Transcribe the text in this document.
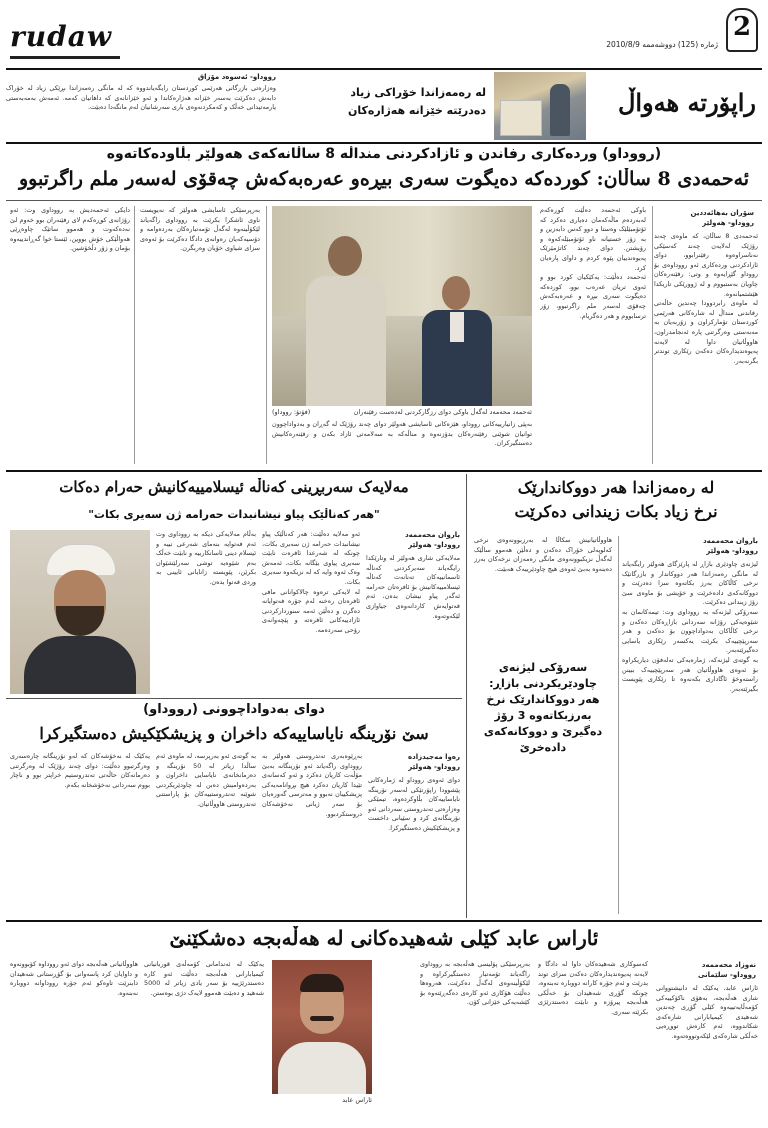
2
ژماره (125) دووشەممە 2010/8/9
rudaw
راپۆرتە هەواڵ
لە رەمەزاندا خۆراکی زیاد
دەدرێتە خێزانە هەژارەکان
رووداو- ئەسوەد مۆزاق
وەزارەتی بازرگانی هەرێمی کوردستان رایگەیاندووە کە لە مانگی رەمەزاندا بڕێکی زیاد لە خۆراک دابەش دەکرێت بەسەر خێزانە هەژارەکاندا و ئەو خێزانانەی کە داهاتیان کەمە. ئەمەش بەمەبەستی یارمەتیدانی خەڵک و کەمکردنەوەی باری سەرشانیان لەم مانگەدا دەبێت.
(رووداو) وردەکاری رفاندن و ئازادکردنی منداڵە 8 ساڵانەکەی هەولێر بڵاودەکاتەوە
ئەحمەدی 8 ساڵان: کوردەکە دەیگوت سەری بیڕەو عەرەبەکەش چەقۆی لەسەر ملم راگرتبوو
سۆران بەهائەددین
رووداو- هەولێر
ئەحمەدی 8 ساڵان، کە ماوەی چەند رۆژێک لەلایەن چەند کەسێکی نەناسراوەوە رفێنرابوو، دوای ئازادکردنی وردەکاری ئەو رووداوەی بۆ رووداو گێڕایەوە و وتی: رفێنەرەکان چاویان بەستبووم و لە ژوورێکی تاریکدا هێشتمیانەوە.
لە ماوەی رابردوودا چەندین حاڵەتی رفاندنی منداڵ لە شارەکانی هەرێمی کوردستان تۆمارکراون و زۆربەیان بە مەبەستی وەرگرتنی پارە ئەنجامدراون، هاووڵاتیان داوا لە لایەنە پەیوەندیدارەکان دەکەن رێکاری توندتر بگرنەبەر.
باوکی ئەحمەد دەڵێت کوڕەکەم لەبەردەم ماڵەکەمان دەیاری دەکرد کە ئۆتۆمبێلێک وەستا و دوو کەس دابەزین و بە زۆر خستیانە ناو ئۆتۆمبێلەکەوە و رۆیشتن. دوای چەند کاتژمێرێک پەیوەندییان پێوە کردم و داوای پارەیان کرد.
ئەحمەد دەڵێت: یەکێکیان کورد بوو و ئەوی تریان عەرەب بوو، کوردەکە دەیگوت سەری بیڕە و عەرەبەکەش چەقۆی لەسەر ملم راگرتبوو، زۆر ترسابووم و هەر دەگریام.
(فۆتۆ: رووداو)	ئەحمەد محەمەد لەگەڵ باوکی دوای رزگارکردنی لەدەست رفێنەران
بەپێی زانیارییەکانی رووداو، هێزەکانی ئاسایشی هەولێر دوای چەند رۆژێک لە گەڕان و بەدواداچوون توانیان شوێنی رفێنەرەکان بدۆزنەوە و مناڵەکە بە سەلامەتی ئازاد بکەن و رفێنەرەکانیش دەستگیرکران.
بەرپرسێکی ئاسایشی هەولێر کە نەیویست ناوی ئاشکرا بکرێت بە رووداوی راگەیاند لێکۆڵینەوە لەگەڵ تۆمەتبارەکان بەردەوامە و دۆسیەکەیان رەوانەی دادگا دەکرێت بۆ ئەوەی سزای شیاوی خۆیان وەربگرن.
دایکی ئەحمەدیش بە رووداوی وت: ئەو رۆژانەی کوڕەکەم لای رفێنەران بوو خەوم لێ نەدەکەوت و هەموو ساتێک چاوەڕێی هەواڵێکی خۆش بووین، ئێستا خوا گەڕاندییەوە بۆمان و زۆر دڵخۆشین.
لە رەمەزاندا هەر دووکاندارێک
نرخ زیاد بکات زیندانی دەکرێت
باروان محەممەد
رووداو- هەولێر
لیژنەی چاودێری بازاڕ لە پارێزگای هەولێر رایگەیاند لە مانگی رەمەزاندا هەر دووکاندار و بازرگانێک نرخی کاڵاکان بەرز بکاتەوە سزا دەدرێت و دووکانەکەی دادەخرێت و خۆیشی بۆ ماوەی سێ رۆژ زیندانی دەکرێت.
سەرۆکی لیژنەکە بە رووداوی وت: تیمەکانمان بە شێوەیەکی رۆژانە سەردانی بازاڕەکان دەکەن و نرخی کاڵاکان بەدواداچوون بۆ دەکەن و هەر سەرپێچییەک بکرێت یەکسەر رێکاری یاسایی دەگیرێتەبەر.
بە گوتەی لیژنەکە، ژمارەیەکی تەلەفۆن دیاریکراوە بۆ ئەوەی هاووڵاتیان هەر سەرپێچییەک ببینن راستەوخۆ ئاگاداری بکەنەوە تا رێکاری پێویست بگیرێتەبەر.
هاووڵاتیانیش سکاڵا لە بەرزبوونەوەی نرخی کەلوپەلی خۆراک دەکەن و دەڵێن هەموو ساڵێک لەگەڵ نزیکبوونەوەی مانگی رەمەزان نرخەکان بەرز دەبنەوە بەبێ ئەوەی هیچ چاودێرییەک هەبێت.
سەرۆکی لیژنەی
چاودێریکردنی بازاڕ:
هەر دووکاندارێک نرخ
بەرزبکاتەوە 3 رۆژ
دەگیرێ و دووکانەکەی
دادەخرێ
مەلایەک سەربڕینی کەناڵە ئیسلامییەکانیش حەرام دەکات
"هەر کەناڵێک پیاو نیشانبدات حەرامە ژن سەیری بکات"
باروان محەممەد
رووداو- هەولێر
مەلایەکی شاری هەولێر لە وتارێکدا رایگەیاند سەیرکردنی کەناڵە ئاسمانییەکان تەنانەت کەناڵە ئیسلامییەکانیش بۆ ئافرەتان حەرامە ئەگەر پیاو نیشان بدەن، ئەم فەتوایەش کاردانەوەی جیاوازی لێکەوتەوە.
ئەو مەلایە دەڵێت: هەر کەناڵێک پیاو نیشانبدات حەرامە ژن سەیری بکات، چونکە لە شەرعدا ئافرەت نابێت سەیری پیاوی بێگانە بکات، ئەمەش وەک ئەوە وایە کە لە نزیکەوە سەیری بکات.
لە لایەکی ترەوە چالاکوانانی مافی ئافرەتان رەخنە لەم جۆرە فەتوایانە دەگرن و دەڵێن ئەمە سنوردارکردنی ئازادییەکانی ئافرەتە و پێچەوانەی رۆحی سەردەمە.
بەڵام مەلایەکی دیکە بە رووداوی وت ئەم فەتوایە بنەمای شەرعی نییە و ئیسلام دینی ئاسانکارییە و نابێت خەڵک بەم شێوەیە توشی سەرلێشێوان بکرێن، پێویستە زانایانی ئایینی بە وردی فەتوا بدەن.
دوای بەدواداچوونی (رووداو)
سێ نۆرینگە نایاساییەکە داخران و پزیشکێکیش دەستگیرکرا
رەوا مەجیدزادە
رووداو- هەولێر
دوای ئەوەی رووداو لە ژمارەکانی پێشوودا راپۆرتێکی لەسەر نۆرینگە نایاساییەکان بڵاوکردەوە، تیمێکی وەزارەتی تەندروستی سەردانی ئەو نۆرینگانەی کرد و سێیانی داخست و پزیشکێکیش دەستگیرکرا.
بەڕێوەبەری تەندروستی هەولێر بە رووداوی راگەیاند ئەو نۆرینگانە بەبێ مۆڵەت کاریان دەکرد و ئەو کەسانەی تێیدا کاریان دەکرد هیچ بڕوانامەیەکی پزیشکییان نەبوو و مەترسی گەورەیان بۆ سەر ژیانی نەخۆشەکان دروستکردبوو.
بە گوتەی ئەو بەرپرسە، لە ماوەی ئەم ساڵدا زیاتر لە 50 نۆرینگە و دەرمانخانەی نایاسایی داخراون و بەردەوامیش دەبن لە چاودێریکردنی شوێنە تەندروستییەکان بۆ پاراستنی تەندروستی هاووڵاتیان.
یەکێک لە نەخۆشەکان کە لەو نۆرینگانە چارەسەری وەرگرتبوو دەڵێت: دوای چەند رۆژێک لە وەرگرتنی دەرمانەکان حاڵەتی تەندروستیم خراپتر بوو و ناچار بووم سەردانی نەخۆشخانە بکەم.
ئاراس عابد کێلی شەهیدەکانی لە هەڵەبجە دەشکێنێ
نەوزاد محەممەد
رووداو- سلێمانی
ئاراس عابد، یەکێک لە دانیشتووانی شاری هەڵەبجە، بەهۆی ناکۆکییەکی کۆمەڵایەتییەوە کێلی گۆڕی چەندین شەهیدی کیمیابارانی شارەکەی شکاندووە، ئەم کارەش تووڕەیی خەڵکی شارەکەی لێکەوتووەتەوە.
کەسوکاری شەهیدەکان داوا لە دادگا و لایەنە پەیوەندیدارەکان دەکەن سزای توند بدرێت و ئەم جۆرە کارانە دووبارە نەبنەوە، چونکە گۆڕی شەهیدان بۆ خەڵکی هەڵەبجە پیرۆزە و نابێت دەستدرێژی بکرێتە سەری.
بەرپرسێکی پۆلیسی هەڵەبجە بە رووداوی راگەیاند تۆمەتبار دەستگیرکراوە و لێکۆڵینەوەی لەگەڵ دەکرێت، هەروەها دەڵێت هۆکاری ئەو کارەی دەگەڕێتەوە بۆ کێشەیەکی خێزانی کۆن.
ئاراس عابد
یەکێک لە ئەندامانی کۆمەڵەی قوربانیانی کیمیابارانی هەڵەبجە دەڵێت ئەو کارە دەستدرێژییە بۆ سەر یادی زیاتر لە 5000 شەهید و دەبێت هەموو لایەک دژی بوەستن.
هاووڵاتیانی هەڵەبجە دوای ئەو رووداوە کۆبوونەوە و داوایان کرد پاسەوانی بۆ گۆڕستانی شەهیدان دابنرێت تاوەکو ئەم جۆرە رووداوانە دووبارە نەبنەوە.
